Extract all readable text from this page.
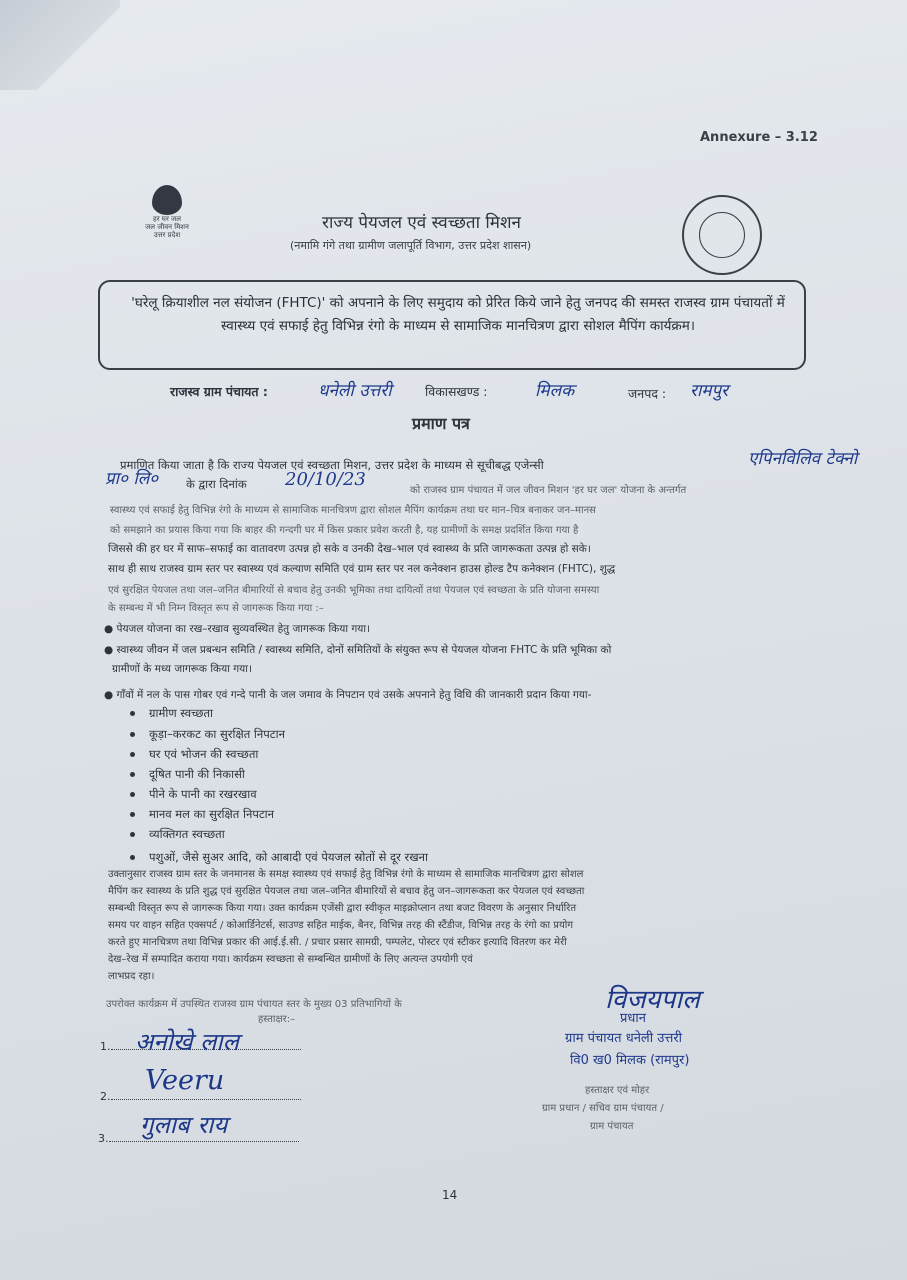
Annexure – 3.12
हर घर जल
जल जीवन मिशन
उत्तर प्रदेश
राज्य पेयजल एवं स्वच्छता मिशन
(नमामि गंगे तथा ग्रामीण जलापूर्ति विभाग, उत्तर प्रदेश शासन)
'घरेलू क्रियाशील नल संयोजन (FHTC)' को अपनाने के लिए समुदाय को प्रेरित किये जाने हेतु जनपद की समस्त राजस्व ग्राम पंचायतों में स्वास्थ्य एवं सफाई हेतु विभिन्न रंगो के माध्यम से सामाजिक मानचित्रण द्वारा सोशल मैपिंग कार्यक्रम।
राजस्व ग्राम पंचायत :	धनेली उत्तरी	विकासखण्ड :	मिलक	जनपद : रामपुर
प्रमाण पत्र
प्रमाणित किया जाता है कि राज्य पेयजल एवं स्वच्छता मिशन, उत्तर प्रदेश के माध्यम से सूचीबद्ध एजेन्सी	एपिनविलिव टेक्नो
प्रा० लि० के द्वारा दिनांक 20/10/23
को राजस्व ग्राम पंचायत में जल जीवन मिशन 'हर घर जल' योजना के अन्तर्गत
स्वास्थ्य एवं सफाई हेतु विभिन्न रंगो के माध्यम से सामाजिक मानचित्रण द्वारा सोशल मैपिंग कार्यक्रम तथा घर मान–चित्र बनाकर जन–मानस
को समझाने का प्रयास किया गया कि बाहर की गन्दगी घर में किस प्रकार प्रवेश करती है, यह ग्रामीणों के समक्ष प्रदर्शित किया गया है
जिससे की हर घर में साफ–सफाई का वातावरण उत्पन्न हो सके व उनकी देख–भाल एवं स्वास्थ्य के प्रति जागरूकता उत्पन्न हो सके।
साथ ही साथ राजस्व ग्राम स्तर पर स्वास्थ्य एवं कल्याण समिति एवं ग्राम स्तर पर नल कनेक्शन हाउस होल्ड टैप कनेक्शन (FHTC), शुद्ध
एवं सुरक्षित पेयजल तथा जल–जनित बीमारियों से बचाव हेतु उनकी भूमिका तथा दायित्वों तथा पेयजल एवं स्वच्छता के प्रति योजना समस्या
के सम्बन्ध में भी निम्न विस्तृत रूप से जागरूक किया गया :–
● पेयजल योजना का रख–रखाव सुव्यवस्थित हेतु जागरूक किया गया।
● स्वास्थ्य जीवन में जल प्रबन्धन समिति / स्वास्थ्य समिति, दोनों समितियों के संयुक्त रूप से पेयजल योजना FHTC के प्रति भूमिका को
ग्रामीणों के मध्य जागरूक किया गया।
● गाँवों में नल के पास गोबर एवं गन्दे पानी के जल जमाव के निपटान एवं उसके अपनाने हेतु विधि की जानकारी प्रदान किया गया-
ग्रामीण स्वच्छता
कूड़ा–करकट का सुरक्षित निपटान
घर एवं भोजन की स्वच्छता
दूषित पानी की निकासी
पीने के पानी का रखरखाव
मानव मल का सुरक्षित निपटान
व्यक्तिगत स्वच्छता
पशुओं, जैसे सुअर आदि, को आबादी एवं पेयजल स्रोतों से दूर रखना
उक्तानुसार राजस्व ग्राम स्तर के जनमानस के समक्ष स्वास्थ्य एवं सफाई हेतु विभिन्न रंगो के माध्यम से सामाजिक मानचित्रण द्वारा सोशल
मैपिंग कर स्वास्थ्य के प्रति शुद्ध एवं सुरक्षित पेयजल तथा जल–जनित बीमारियों से बचाव हेतु जन–जागरूकता कर पेयजल एवं स्वच्छता
सम्बन्धी विस्तृत रूप से जागरूक किया गया। उक्त कार्यक्रम एजेंसी द्वारा स्वीकृत माइक्रोप्लान तथा बजट विवरण के अनुसार निर्धारित
समय पर वाहन सहित एक्सपर्ट / कोआर्डिनेटर्स, साउण्ड सहित माईक, बैनर, विभिन्न तरह की स्टैंडीज, विभिन्न तरह के रंगो का प्रयोग
करते हुए मानचित्रण तथा विभिन्न प्रकार की आई.ई.सी. / प्रचार प्रसार सामग्री, पम्पलेट, पोस्टर एवं स्टीकर इत्यादि वितरण कर मेरी
देख–रेख में सम्पादित कराया गया। कार्यक्रम स्वच्छता से सम्बन्धित ग्रामीणों के लिए अत्यन्त उपयोगी एवं
लाभप्रद रहा।
उपरोक्त कार्यक्रम में उपस्थित राजस्व ग्राम पंचायत स्तर के मुख्य 03 प्रतिभागियों के
हस्ताक्षर:–
1.	अनोखे लाल
2.
Veeru
3.	गुलाब राय
विजयपाल
प्रधान
ग्राम पंचायत धनेली उत्तरी
वि0 ख0 मिलक (रामपुर)
हस्ताक्षर एवं मोहर
ग्राम प्रधान / सचिव ग्राम पंचायत /
ग्राम पंचायत
14
